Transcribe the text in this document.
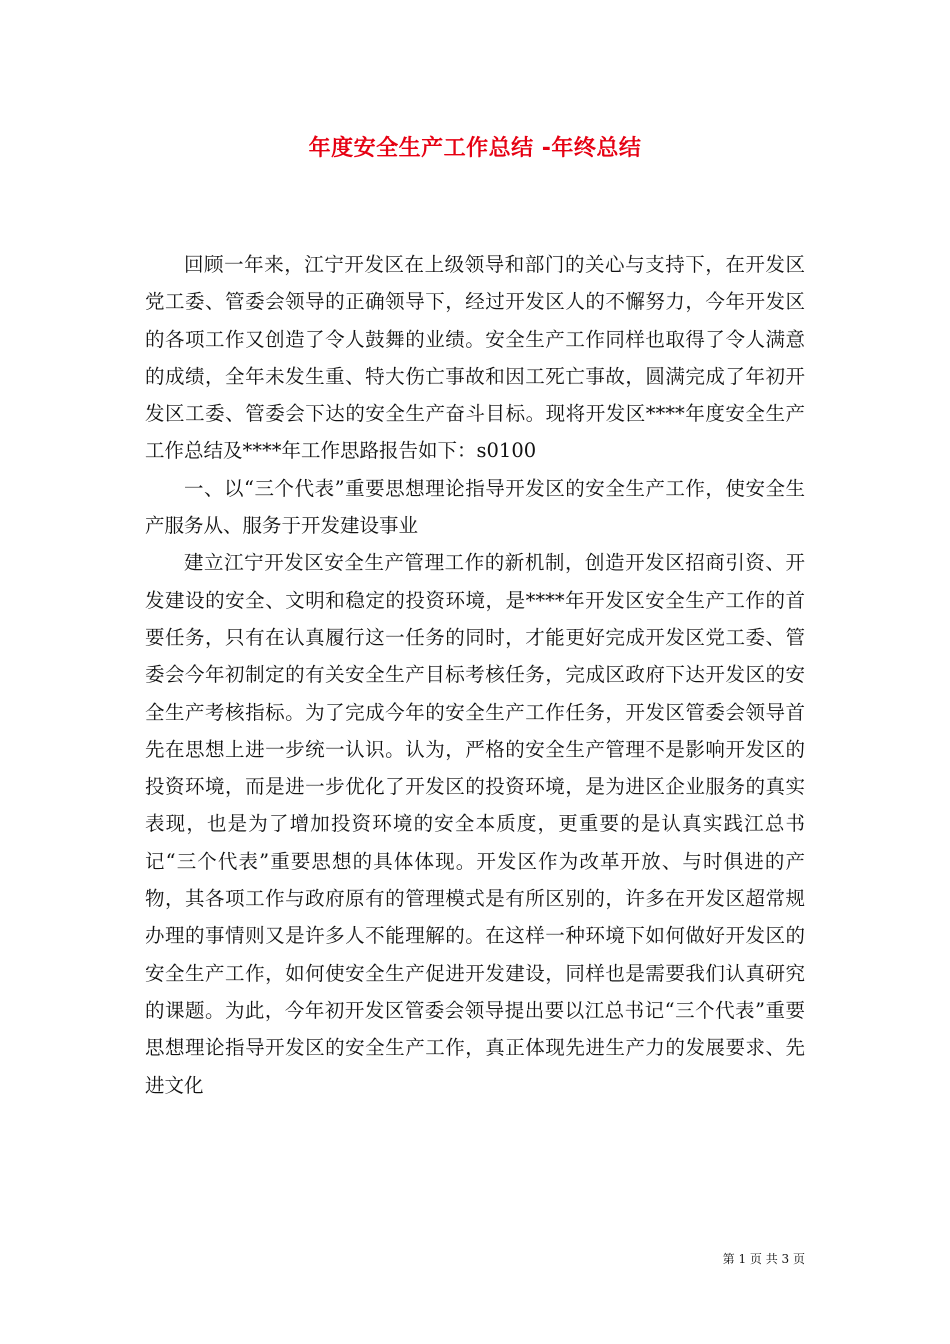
年度安全生产工作总结 -年终总结

回顾一年来，江宁开发区在上级领导和部门的关心与支持下，在开发区党工委、管委会领导的正确领导下，经过开发区人的不懈努力，今年开发区的各项工作又创造了令人鼓舞的业绩。安全生产工作同样也取得了令人满意的成绩，全年未发生重、特大伤亡事故和因工死亡事故，圆满完成了年初开发区工委、管委会下达的安全生产奋斗目标。现将开发区****年度安全生产工作总结及****年工作思路报告如下：s0100

一、以“三个代表”重要思想理论指导开发区的安全生产工作，使安全生产服务从、服务于开发建设事业

建立江宁开发区安全生产管理工作的新机制，创造开发区招商引资、开发建设的安全、文明和稳定的投资环境，是****年开发区安全生产工作的首要任务，只有在认真履行这一任务的同时，才能更好完成开发区党工委、管委会今年初制定的有关安全生产目标考核任务，完成区政府下达开发区的安全生产考核指标。为了完成今年的安全生产工作任务，开发区管委会领导首先在思想上进一步统一认识。认为，严格的安全生产管理不是影响开发区的投资环境，而是进一步优化了开发区的投资环境，是为进区企业服务的真实表现，也是为了增加投资环境的安全本质度，更重要的是认真实践江总书记“三个代表”重要思想的具体体现。开发区作为改革开放、与时俱进的产物，其各项工作与政府原有的管理模式是有所区别的，许多在开发区超常规办理的事情则又是许多人不能理解的。在这样一种环境下如何做好开发区的安全生产工作，如何使安全生产促进开发建设，同样也是需要我们认真研究的课题。为此，今年初开发区管委会领导提出要以江总书记“三个代表”重要思想理论指导开发区的安全生产工作，真正体现先进生产力的发展要求、先进文化

第 1 页 共 3 页
